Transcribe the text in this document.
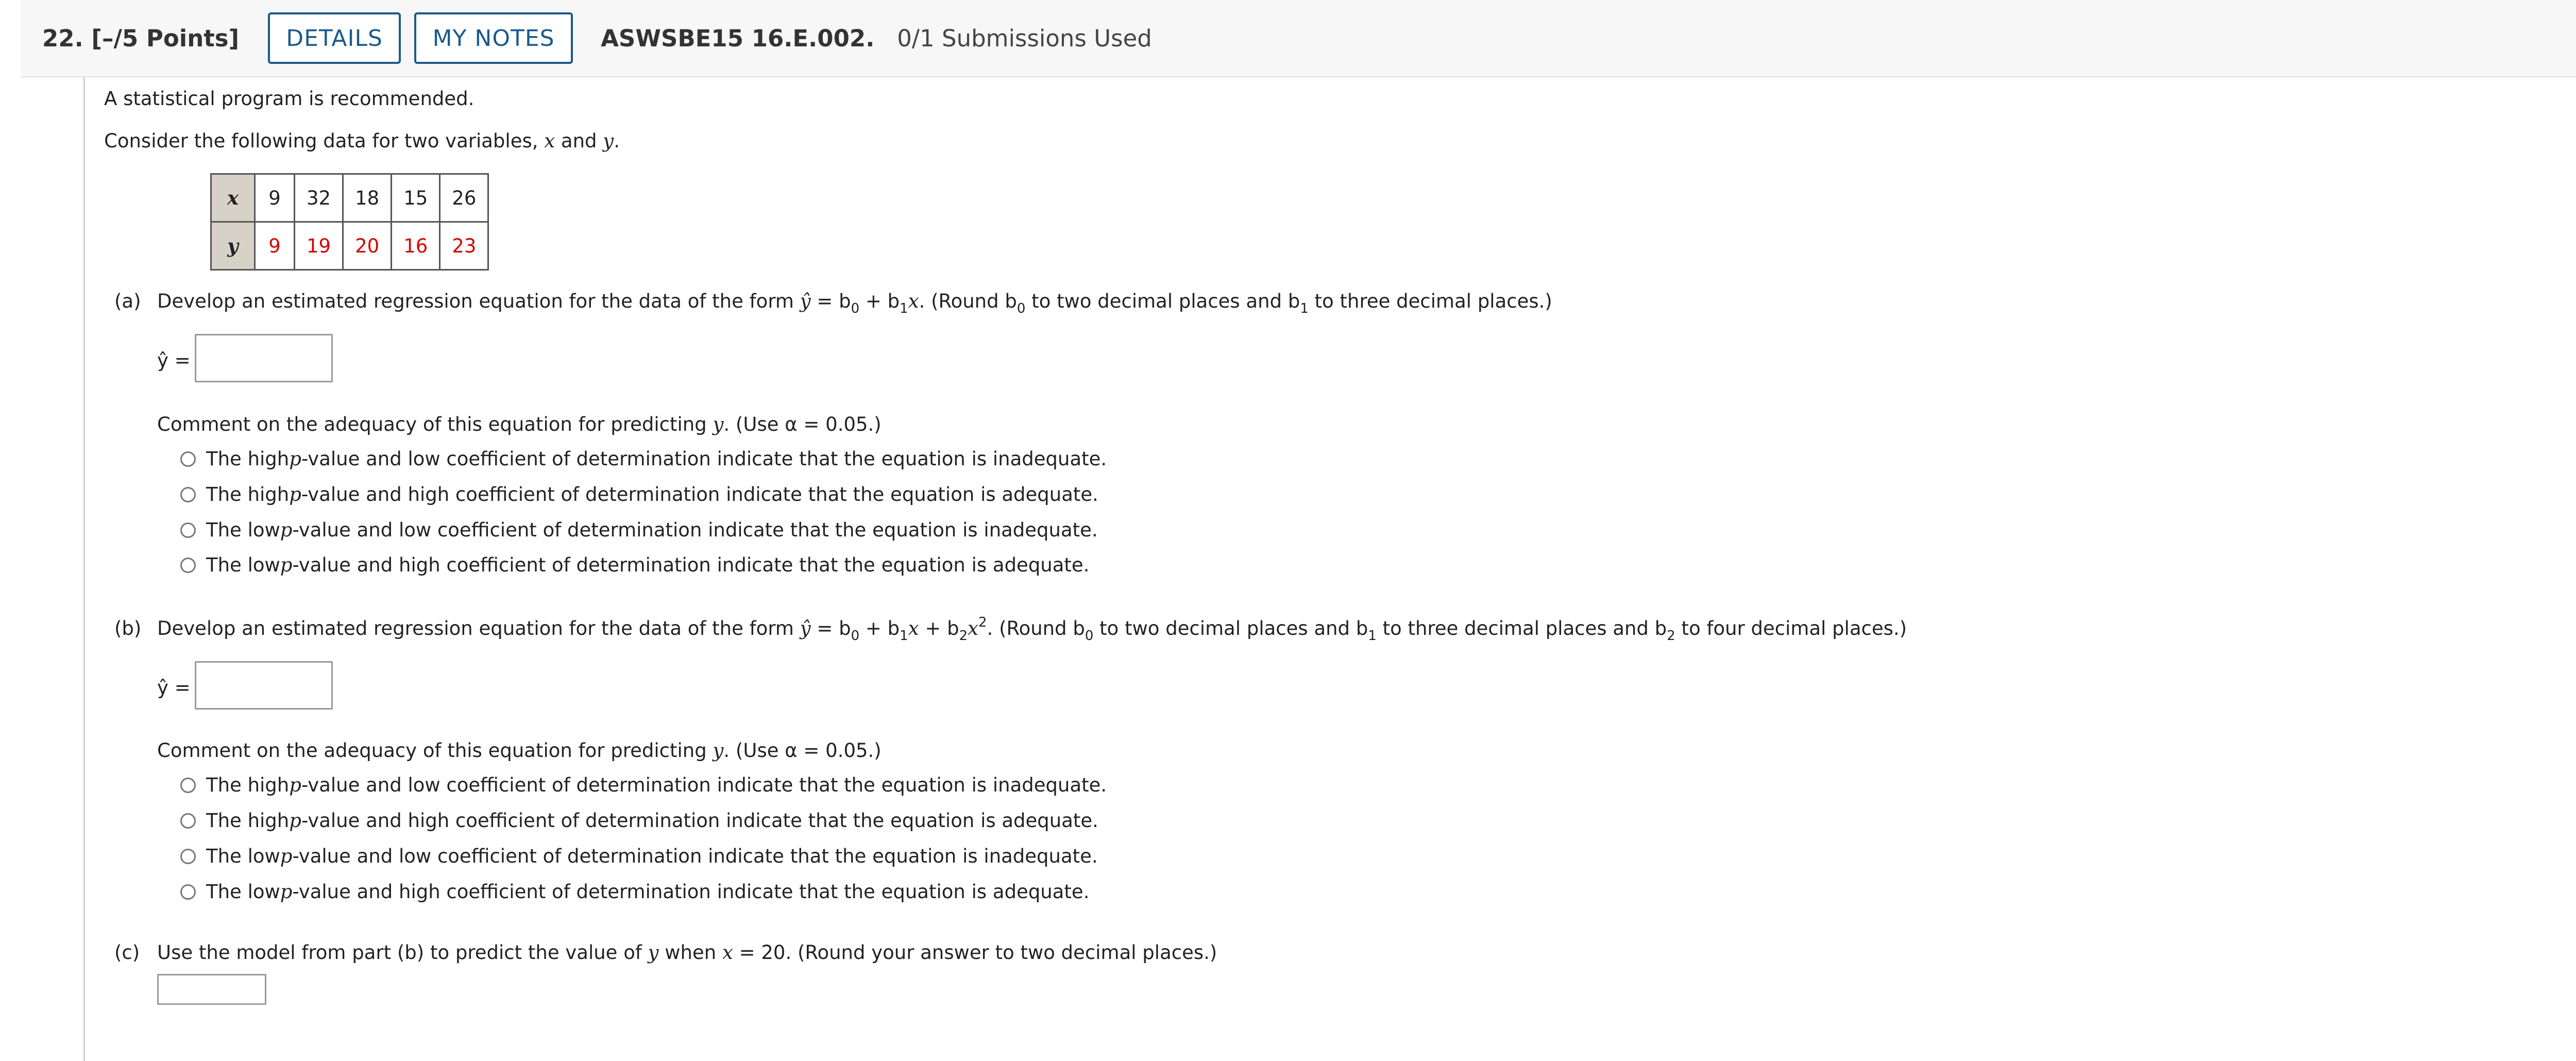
22. [–/5 Points] DETAILS MY NOTES ASWSBE15 16.E.002. 0/1 Submissions Used
A statistical program is recommended.
Consider the following data for two variables, x and y.
x	9	32	18	15	26
y	9	19	20	16	23
(a) Develop an estimated regression equation for the data of the form ŷ = $b_0 + b_1x$. (Round $b_0$ to two decimal places and $b_1$ to three decimal places.)
ŷ =
Comment on the adequacy of this equation for predicting y. (Use α = 0.05.)
The high p -value and low coefficient of determination indicate that the equation is inadequate.
The high p -value and high coefficient of determination indicate that the equation is adequate.
The low p -value and low coefficient of determination indicate that the equation is inadequate.
The low p -value and high coefficient of determination indicate that the equation is adequate.
(b) Develop an estimated regression equation for the data of the form ŷ = $b_0 + b_1x + b_2x^2$. (Round $b_0$ to two decimal places and $b_1$ to three decimal places and $b_2$ to four decimal places.)
ŷ =
Comment on the adequacy of this equation for predicting y. (Use α = 0.05.)
The high p -value and low coefficient of determination indicate that the equation is inadequate.
The high p -value and high coefficient of determination indicate that the equation is adequate.
The low p -value and low coefficient of determination indicate that the equation is inadequate.
The low p -value and high coefficient of determination indicate that the equation is adequate.
(c) Use the model from part (b) to predict the value of y when x = 20. (Round your answer to two decimal places.)
